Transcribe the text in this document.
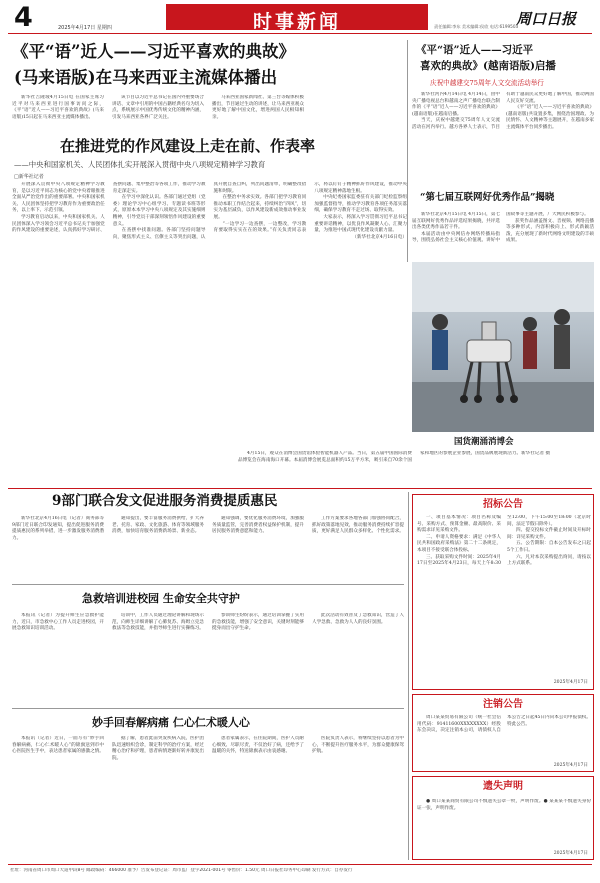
4	2025年4月17日 星期四	时事新闻	周口日报
责任编辑:李东 美术编辑:侯欣 电话:6199503
《平“语”近人——习近平喜欢的典故》
(马来语版)在马来西亚主流媒体播出

新华社吉隆坡4月15日电 在国家主席习近平对马来西亚进行国事访问之际，《平“语”近人——习近平喜欢的典故》(马来语版)15日起在马来西亚主流媒体播出。

该节目以习近平总书记在国内外重要场合讲话、文章中引用的中国古籍经典名句为切入点，系统展示中国优秀传统文化的精神内涵，引发马来西亚各界广泛关注。

马来西亚国家新闻社、第三台等媒体积极播出，节目通过生动的讲述，让马来西亚观众更好地了解中国文化，增进两国人民相知相亲。

在推进党的作风建设上走在前、作表率
——中央和国家机关、人民团体扎实开展深入贯彻中央八项规定精神学习教育
□新华社记者

开展深入贯彻中央八项规定精神学习教育，是以习近平同志为核心的党中央着眼推进全面从严治党作出的重要部署。中央和国家机关、人民团体坚持把学习教育作为重要政治任务，以上率下、示范引领。

学习教育启动以来，中央和国家机关、人民团体深入学习领会习近平总书记关于加强党的作风建设的重要论述，认真抓好学习研讨、查摆问题、集中整治等各项工作，推动学习教育走深走实。

在学习中深化认识。各部门通过党组（党委）理论学习中心组学习、专题读书班等形式，原原本本学习中央八项规定及其实施细则精神，引导党员干部深刻领悟作风建设的重要意义。

在查摆中找准问题。各部门坚持问题导向，聚焦形式主义、官僚主义等突出问题，认真开展自查自纠，列出问题清单，明确整改措施和时限。

在整治中务求实效。各部门把学习教育同推动本职工作结合起来，持续纠治“四风”，切实为基层减负，以作风建设新成效推动事业发展。

“一边学习一边查摆，一边整改，学习教育要取得实实在在的效果。”有关负责同志表示，将以钉钉子精神抓好作风建设，推动中央八项规定精神落地生根。

中央纪委国家监委驻有关部门纪检监察组加强监督指导，推动学习教育各项任务落实落细，确保学习教育不走过场、取得实效。

大家表示，将深入学习贯彻习近平总书记重要讲话精神，以优良作风凝聚人心、汇聚力量，为推进中国式现代化建设贡献力量。

（新华社北京4月16日电）

《平“语”近人——习近平
喜欢的典故》(越南语版)启播
庆祝中越建交75周年人文交流活动举行

新华社河内4月14日电 4月14日，由中央广播电视总台和越南之声广播电台联合制作的《平“语”近人——习近平喜欢的典故》(越南语版)在越南启播。

当天，庆祝中越建交75周年人文交流活动在河内举行。越方各界人士表示，节目有助于越南民众更好地了解中国，推动两国人民友好交流。

《平“语”近人——习近平喜欢的典故》(越南语版)共设置多集，围绕治国理政、为民情怀、人文精神等主题展开，在越南多家主流媒体平台同步播出。

“第七届互联网好优秀作品”揭晓

新华社北京4月15日电 4月15日，第七届互联网好优秀作品评选结果揭晓，共评选出各类优秀作品若干件。

本届活动由中央网信办网络传播局指导，围绕弘扬社会主义核心价值观、讲好中国故事等主题开展，广大网民积极参与。

获奖作品涵盖图文、音视频、网络直播等多种形式，内容积极向上、形式新颖活泼，充分展现了新时代网络文明建设的丰硕成果。

国货潮涌消博会

4月15日，观众在消博会国货馆体验智能机器人产品。当日，第五届中国国际消费品博览会在海南海口开幕。本届消博会展览总面积约15万平方米，吸引来自70余个国家和地区的参展企业参展，国货品牌展现新活力。新华社记者 摄

9部门联合发文促进服务消费提质惠民

新华社北京4月16日电（记者）商务部等9部门近日联合印发通知，提出促进服务消费提质惠民的系列举措，进一步激发服务消费潜力。

通知提出，要丰富服务消费供给，扩大养老、托育、家政、文化旅游、体育等领域服务消费，加快培育服务消费新场景、新业态。

通知强调，要优化服务消费环境，加强服务质量监管，完善消费者权益保护机制，提升居民服务消费意愿和能力。

工作方案要求各地各部门加强协同配合，抓好政策落地见效，推动服务消费持续扩容提质，更好满足人民群众多样化、个性化需求。

急救培训进校园 生命安全共守护

本报讯（记者）为提升师生应急救护能力，近日，市急救中心工作人员走进校园，开展急救知识培训活动。

培训中，工作人员通过理论讲解和现场示范，向师生详细讲解了心肺复苏、海姆立克急救法等急救技能，并指导师生进行实操练习。

参训师生纷纷表示，通过培训掌握了实用的急救技能，增强了安全意识，关键时刻能够挺身而出守护生命。

此次活动有效普及了急救知识，营造了人人学急救、急救为人人的良好氛围。

妙手回春解病痛 仁心仁术暖人心

本报讯（记者）近日，一面写有“妙手回春解病痛，仁心仁术暖人心”的锦旗送到市中心医院医生手中，表达患者家属的感激之情。

据了解，患者此前突发疾病入院，医护团队迅速组织会诊，制定科学的治疗方案，经过精心治疗和护理，患者病情逐渐好转并康复出院。

患者家属表示，在住院期间，医护人员耐心细致、尽职尽责，不仅治好了病，还给予了温暖的关怀，特送锦旗表示由衷感谢。

医院负责人表示，将继续坚持以患者为中心，不断提升医疗服务水平，为群众健康保驾护航。

招标公告

一、项目基本情况：项目名称及编号、采购方式、预算金额、最高限价、采购需求详见采购文件。

二、申请人资格要求：满足《中华人民共和国政府采购法》第二十二条规定，本项目不接受联合体投标。

三、获取采购文件时间：2025年4月17日至2025年4月23日，每天上午8:30至12:00，下午15:00至18:00（北京时间，法定节假日除外）。

四、提交投标文件截止时间及开标时间：详见采购文件。

五、公告期限：自本公告发布之日起5个工作日。

六、凡对本次采购提出询问，请按以上方式联系。

2025年4月17日
注销公告

周口某某贸易有限公司（统一社会信用代码：91411600XXXXXXXX）经股东会决议，决定注销本公司，请债权人自本公告之日起45日内向本公司申报债权。特此公告。

2025年4月17日
遗失声明

● 周口某某商贸有限公司不慎遗失公章一枚，声明作废。● 某某某不慎遗失身份证一张，声明作废。

2025年4月17日
社址：河南省周口市周口大道中段8号 邮政编码：466000 准予广告发布登记证：周市监广登字2021-001号 零售价：1.50元 周口日报社印务中心印刷 发行方式：自办发行
